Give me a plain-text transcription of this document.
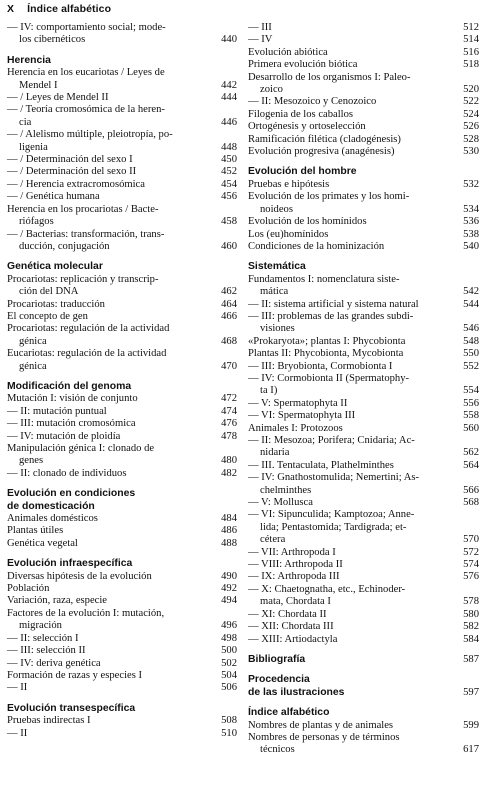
X Índice alfabético
— IV: comportamiento social; mode-
los cibernéticos	440
Herencia
Herencia en los eucariotas / Leyes de
Mendel I	442
— / Leyes de Mendel II	444
— / Teoría cromosómica de la heren-
cia	446
— / Alelismo múltiple, pleiotropía, po-
ligenia	448
— / Determinación del sexo I	450
— / Determinación del sexo II	452
— / Herencia extracromosómica	454
— / Genética humana	456
Herencia en los procariotas / Bacte-
riófagos	458
— / Bacterias: transformación, trans-
ducción, conjugación	460
Genética molecular
Procariotas: replicación y transcrip-
ción del DNA	462
Procariotas: traducción	464
El concepto de gen	466
Procariotas: regulación de la actividad
génica	468
Eucariotas: regulación de la actividad
génica	470
Modificación del genoma
Mutación I: visión de conjunto	472
— II: mutación puntual	474
— III: mutación cromosómica	476
— IV: mutación de ploidía	478
Manipulación génica I: clonado de
genes	480
— II: clonado de individuos	482
Evolución en condiciones
de domesticación
Animales domésticos	484
Plantas útiles	486
Genética vegetal	488
Evolución infraespecífica
Diversas hipótesis de la evolución	490
Población	492
Variación, raza, especie	494
Factores de la evolución I: mutación,
migración	496
— II: selección I	498
— III: selección II	500
— IV: deriva genética	502
Formación de razas y especies I	504
— II	506
Evolución transespecífica
Pruebas indirectas I	508
— II	510
— III	512
— IV	514
Evolución abiótica	516
Primera evolución biótica	518
Desarrollo de los organismos I: Paleo-
zoico	520
— II: Mesozoico y Cenozoico	522
Filogenia de los caballos	524
Ortogénesis y ortoselección	526
Ramificación filética (cladogénesis)	528
Evolución progresiva (anagénesis)	530
Evolución del hombre
Pruebas e hipótesis	532
Evolución de los primates y los homi-
noideos	534
Evolución de los homínidos	536
Los (eu)homínidos	538
Condiciones de la hominización	540
Sistemática
Fundamentos I: nomenclatura siste-
mática	542
— II: sistema artificial y sistema natural	544
— III: problemas de las grandes subdi-
visiones	546
«Prokaryota»; plantas I: Phycobionta	548
Plantas II: Phycobionta, Mycobionta	550
— III: Bryobionta, Cormobionta I	552
— IV: Cormobionta II (Spermatophy-
ta I)	554
— V: Spermatophyta II	556
— VI: Spermatophyta III	558
Animales I: Protozoos	560
— II: Mesozoa; Porifera; Cnidaria; Ac-
nidaria	562
— III. Tentaculata, Plathelminthes	564
— IV: Gnathostomulida; Nemertini; As-
chelminthes	566
— V: Mollusca	568
— VI: Sipunculida; Kamptozoa; Anne-
lida; Pentastomida; Tardigrada; et-
cétera	570
— VII: Arthropoda I	572
— VIII: Arthropoda II	574
— IX: Arthropoda III	576
— X: Chaetognatha, etc., Echinoder-
mata, Chordata I	578
— XI: Chordata II	580
— XII: Chordata III	582
— XIII: Artiodactyla	584
Bibliografía	587
Procedencia
de las ilustraciones	597
Índice alfabético
Nombres de plantas y de animales	599
Nombres de personas y de términos
técnicos	617
